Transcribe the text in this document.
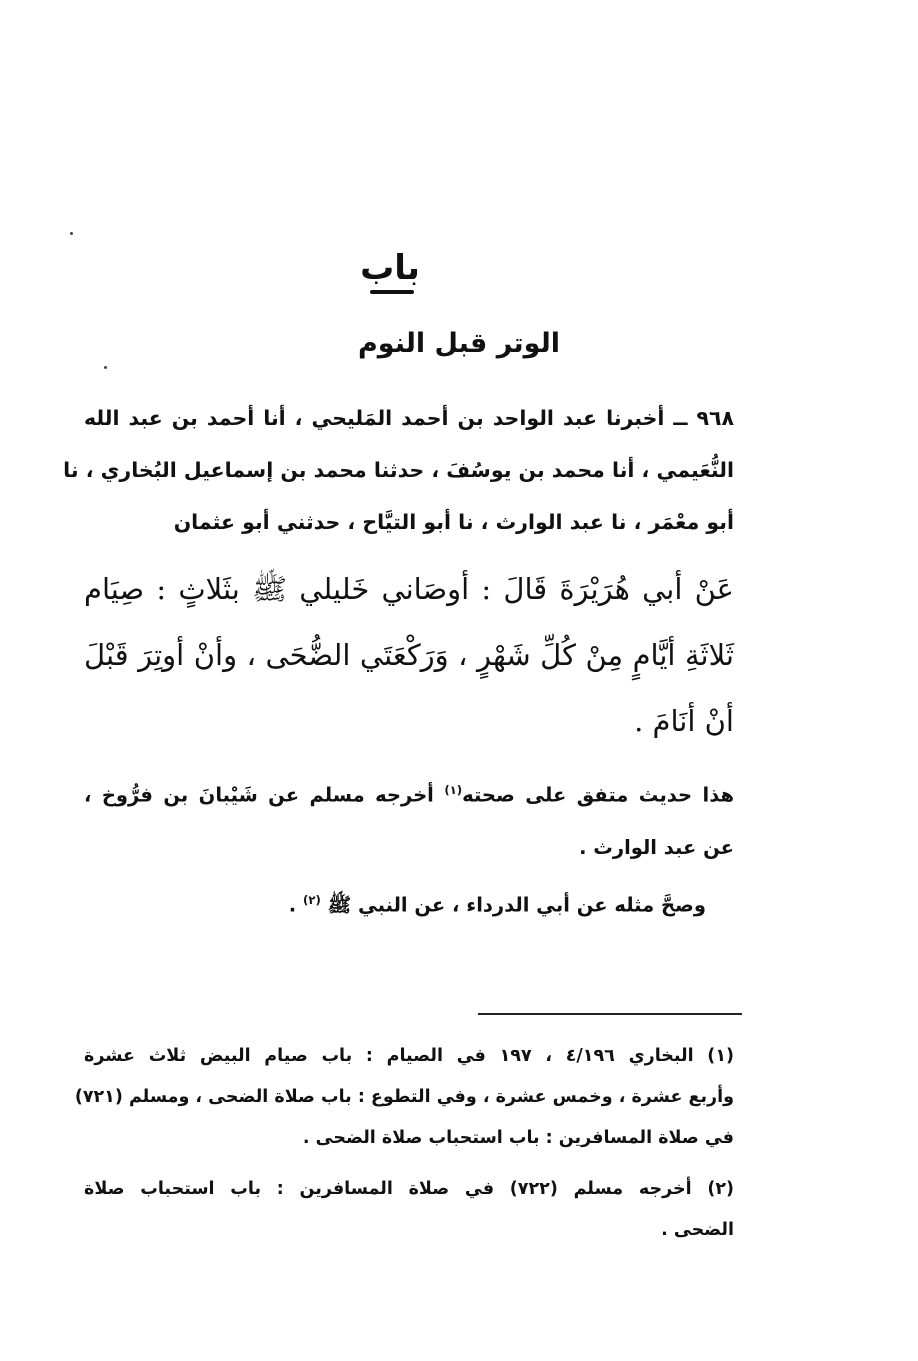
باب
الوتر قبل النوم
٩٦٨ ــ أخبرنا عبد الواحد بن أحمد المَليحي ، أنا أحمد بن عبد الله
النُّعَيمي ، أنا محمد بن يوسُفَ ، حدثنا محمد بن إسماعيل البُخاري ، نا
أبو معْمَر ، نا عبد الوارث ، نا أبو التيَّاح ، حدثني أبو عثمان
عَنْ أبي هُرَيْرَةَ قَالَ : أوصَاني خَليلي ﷺ بثَلاثٍ : صِيَام
ثَلاثَةِ أيَّامٍ مِنْ كُلِّ شَهْرٍ ، وَرَكْعَتَي الضُّحَى ، وأنْ أوتِرَ قَبْلَ
أنْ أنَامَ .
هذا حديث متفق على صحته$^{(١)}$ أخرجه مسلم عن شَيْبانَ بن فرُّوخ ،
عن عبد الوارث .
وصحَّ مثله عن أبي الدرداء ، عن النبي ﷺ $^{(٢)}$ .
(١) البخاري ٤/١٩٦ ، ١٩٧ في الصيام : باب صيام البيض ثلاث عشرة
وأربع عشرة ، وخمس عشرة ، وفي التطوع : باب صلاة الضحى ، ومسلم (٧٢١)
في صلاة المسافرين : باب استحباب صلاة الضحى .
(٢) أخرجه مسلم (٧٢٢) في صلاة المسافرين : باب استحباب صلاة
الضحى .
